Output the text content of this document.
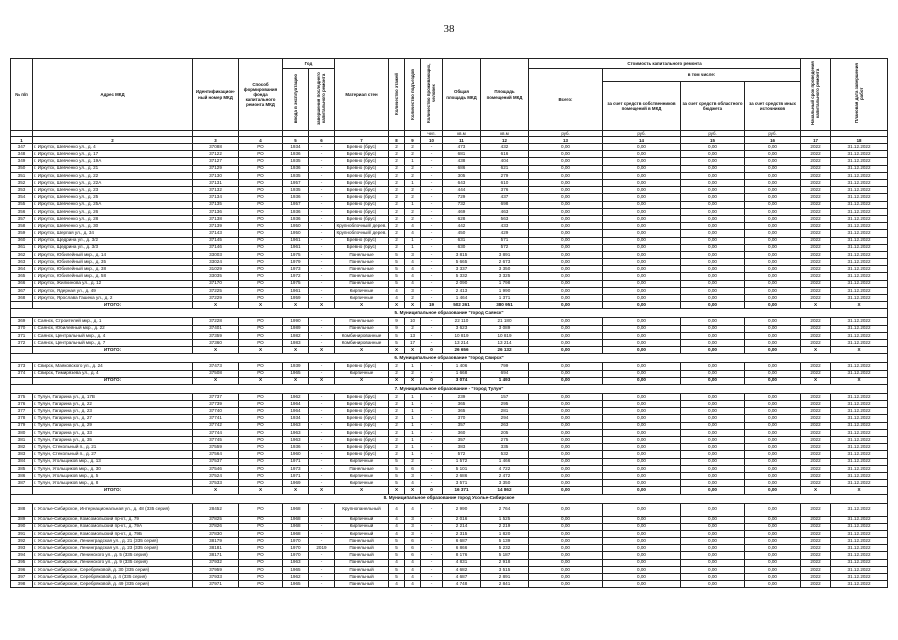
38
№ п/п	Адрес МКД	Идентификацион-ный номер МКД	Способ формирования фонда капитального ремонта МКД	Год		Материал стен	Количество этажей	Количество подъездов	Количество проживающих, человек	Общая площадь МКД	Площадь помещений МКД	Стоимость капитального ремонта				Начальный срок проведения капитального ремонта	Плановая дата завершения работ
				ввода в эксплуатацию	завершения последнего капитального ремонта							Всего:	в том числе:				
													за счет средств собственников помещений в МКД	за счет средств областного бюджета	за счет средств иных источников		
									чел.	кв.м	кв.м	руб.	руб.	руб.	руб.		
1	2	3	4	5	6	7	8	9	10	11	12	13	14	15	16	17	18
347	г. Иркутск, Шевченко ул., д. 4	37088	РО	1934	-	Бревно (брус)	2	2	-	473	432	0,00	0,00	0,00	0,00	2022	31.12.2022
348	г. Иркутск, Шевченко ул., д. 17	37122	РО	1936	-	Бревно (брус)	2	2	-	681	616	0,00	0,00	0,00	0,00	2022	31.12.2022
349	г. Иркутск, Шевченко ул., д. 19А	37127	РО	1935	-	Бревно (брус)	2	1	-	438	404	0,00	0,00	0,00	0,00	2022	31.12.2022
350	г. Иркутск, Шевченко ул., д. 21	37129	РО	1936	-	Бревно (брус)	2	2	-	686	621	0,00	0,00	0,00	0,00	2022	31.12.2022
351	г. Иркутск, Шевченко ул., д. 22	37130	РО	1935	-	Бревно (брус)	2	2	-	305	279	0,00	0,00	0,00	0,00	2022	31.12.2022
352	г. Иркутск, Шевченко ул., д. 22А	37131	РО	1957	-	Бревно (брус)	2	1	-	643	610	0,00	0,00	0,00	0,00	2022	31.12.2022
353	г. Иркутск, Шевченко ул., д. 23	37132	РО	1935	-	Бревно (брус)	2	2	-	444	376	0,00	0,00	0,00	0,00	2022	31.12.2022
354	г. Иркутск, Шевченко ул., д. 25	37134	РО	1936	-	Бревно (брус)	2	2	-	729	437	0,00	0,00	0,00	0,00	2022	31.12.2022
355	г. Иркутск, Шевченко ул., д. 25А	37135	РО	1957	-	Бревно (брус)	2	1	-	732	698	0,00	0,00	0,00	0,00	2022	31.12.2022
356	г. Иркутск, Шевченко ул., д. 26	37136	РО	1936	-	Бревно (брус)	2	2	-	469	463	0,00	0,00	0,00	0,00	2022	31.12.2022
357	г. Иркутск, Шевченко ул., д. 28	37138	РО	1936	-	Бревно (брус)	2	2	-	628	563	0,00	0,00	0,00	0,00	2022	31.12.2022
358	г. Иркутск, Шевченко ул., д. 30	37139	РО	1950	-	Крупноблочный/ дерев.	2	4	-	442	433	0,00	0,00	0,00	0,00	2022	31.12.2022
359	г. Иркутск, Шерпая ул., д. 34	37143	РО	1950	-	Крупноблочный/ дерев.	2	4	-	450	429	0,00	0,00	0,00	0,00	2022	31.12.2022
360	г. Иркутск, Щедрина ул., д. 3/2	37145	РО	1961	-	Бревно (брус)	2	1	-	631	571	0,00	0,00	0,00	0,00	2022	31.12.2022
361	г. Иркутск, Щедрина ул., д. 3/3	37146	РО	1961	-	Бревно (брус)	2	1	-	630	572	0,00	0,00	0,00	0,00	2022	31.12.2022
362	г. Иркутск, Юбилейный мкр., д. 14	33003	РО	1975	-	Панельные	5	3	-	3 815	3 891	0,00	0,00	0,00	0,00	2022	31.12.2022
363	г. Иркутск, Юбилейный мкр., д. 35	33024	РО	1979	-	Панельные	5	4	-	5 665	2 673	0,00	0,00	0,00	0,00	2022	31.12.2022
364	г. Иркутск, Юбилейный мкр., д. 38	31029	РО	1973	-	Панельные	5	4	-	3 337	3 350	0,00	0,00	0,00	0,00	2022	31.12.2022
365	г. Иркутск, Юбилейный мкр., д. 58	33035	РО	1972	-	Панельные	5	4	-	5 332	3 325	0,00	0,00	0,00	0,00	2022	31.12.2022
366	г. Иркутск, Жилкинова ул., д. 12	37170	РО	1975	-	Панельные	5	4	-	2 090	1 798	0,00	0,00	0,00	0,00	2022	31.12.2022
367	г. Иркутск, Ядерная ул., д. 49	37225	РО	1961	-	Кирпичные	4	3	-	2 413	1 990	0,00	0,00	0,00	0,00	2022	31.12.2022
368	г. Иркутск, Ярослава Гашека ул., д. 2	37229	РО	1959	-	Кирпичные	4	2	-	1 464	1 371	0,00	0,00	0,00	0,00	2022	31.12.2022
	ИТОГО:	X	X	X	X	X	X	X	19	502 261	380 951	0,00	0,00	0,00	0,00	X	X
5. Муниципальное образование "город Саянск"																	
369	г. Саянск, Строителей мкр., д. 1	37228	РО	1990	-	Панельные	9	10	-	22 110	21 180	0,00	0,00	0,00	0,00	2022	31.12.2022
370	г. Саянск, Юбилейный мкр., д. 22	37401	РО	1989	-	Панельные	9	2	-	3 623	3 089	0,00	0,00	0,00	0,00	2022	31.12.2022
371	г. Саянск, Центральный мкр., д. 4	37359	РО	1982	-	Комбинированные	5	13	-	10 819	10 819	0,00	0,00	0,00	0,00	2022	31.12.2022
372	г. Саянск, Центральный мкр., д. 7	37360	РО	1983	-	Комбинированные	5	17	-	13 214	13 214	0,00	0,00	0,00	0,00	2022	31.12.2022
	ИТОГО:	X	X	X	X	X	X	X	0	26 656	26 132	0,00	0,00	0,00	0,00	X	X
6. Муниципальное образование "город Свирск"																	
373	г. Свирск, Маяковского ул., д. 24	37473	РО	1939	-	Бревно (брус)	2	1	-	1 406	799	0,00	0,00	0,00	0,00	2022	31.12.2022
374	г. Свирск, Тимирязева ул., д. 4	37508	РО	1965	-	Кирпичные	2	2	-	1 668	694	0,00	0,00	0,00	0,00	2022	31.12.2022
	ИТОГО:	X	X	X	X	X	X	X	0	3 074	1 493	0,00	0,00	0,00	0,00	X	X
7. Муниципальное образование - "город Тулун"																	
375	г. Тулун, Гагарина ул., д. 17В	37737	РО	1962	-	Бревно (брус)	2	1	-	239	157	0,00	0,00	0,00	0,00	2022	31.12.2022
376	г. Тулун, Гагарина ул., д. 22	37739	РО	1964	-	Бревно (брус)	2	1	-	365	295	0,00	0,00	0,00	0,00	2022	31.12.2022
377	г. Тулун, Гагарина ул., д. 23	37740	РО	1964	-	Бревно (брус)	2	1	-	365	281	0,00	0,00	0,00	0,00	2022	31.12.2022
378	г. Тулун, Гагарина ул., д. 27	37741	РО	1934	-	Бревно (брус)	2	1	-	370	294	0,00	0,00	0,00	0,00	2022	31.12.2022
379	г. Тулун, Гагарина ул., д. 29	37742	РО	1963	-	Бревно (брус)	2	1	-	357	263	0,00	0,00	0,00	0,00	2022	31.12.2022
380	г. Тулун, Гагарина ул., д. 33	37744	РО	1963	-	Бревно (брус)	2	1	-	360	205	0,00	0,00	0,00	0,00	2022	31.12.2022
381	г. Тулун, Гагарина ул., д. 35	37745	РО	1963	-	Бревно (брус)	2	1	-	357	275	0,00	0,00	0,00	0,00	2022	31.12.2022
382	г. Тулун, Стекольный п., д. 21	37559	РО	1936	-	Бревно (брус)	2	1	-	383	335	0,00	0,00	0,00	0,00	2022	31.12.2022
383	г. Тулун, Стекольный п., д. 27	37564	РО	1960	-	Бревно (брус)	2	1	-	572	532	0,00	0,00	0,00	0,00	2022	31.12.2022
384	г. Тулун, Угольщиков мкр., д. 13	37537	РО	1971	-	Кирпичные	5	2	-	1 572	1 466	0,00	0,00	0,00	0,00	2022	31.12.2022
385	г. Тулун, Угольщиков мкр., д. 30	37546	РО	1973	-	Панельные	5	6	-	5 101	4 722	0,00	0,00	0,00	0,00	2022	31.12.2022
386	г. Тулун, Угольщиков мкр., д. 5	37524	РО	1971	-	Кирпичные	5	3	-	2 686	2 472	0,00	0,00	0,00	0,00	2022	31.12.2022
387	г. Тулун, Угольщиков мкр., д. 8	37533	РО	1969	-	Кирпичные	5	4	-	3 571	3 350	0,00	0,00	0,00	0,00	2022	31.12.2022
	ИТОГО:	X	X	X	X	X	X	X	0	16 371	14 862	0,00	0,00	0,00	0,00	X	X
8. Муниципальное образование город Усолье-Сибирское																	
388	г. Усолье-Сибирское, Интернациональная ул., д. 48 (335 серия)	28452	РО	1968	-	Крупнопанельный	4	4	-	2 990	2 764	0,00	0,00	0,00	0,00	2022	31.12.2022
389	г. Усолье-Сибирское, Комсомольский пр-кт., д. 79	37825	РО	1968	-	Кирпичный	4	3	-	2 016	1 525	0,00	0,00	0,00	0,00	2022	31.12.2022
390	г. Усолье-Сибирское, Комсомольский пр-кт., д. 79А	37826	РО	1968	-	Кирпичный	4	3	-	2 214	2 219	0,00	0,00	0,00	0,00	2022	31.12.2022
391	г. Усолье-Сибирское, Комсомольский пр-кт., д. 79Б	37830	РО	1968	-	Кирпичный	4	3	-	2 315	1 820	0,00	0,00	0,00	0,00	2022	31.12.2022
392	г. Усолье-Сибирское, Ленинградская ул., д. 21 (335 серия)	38179	РО	1970	-	Панельный	5	6	-	6 687	5 139	0,00	0,00	0,00	0,00	2022	31.12.2022
393	г. Усолье-Сибирское, Ленинградская ул., д. 23 (335 серия)	38181	РО	1970	2019	Панельный	5	6	-	6 866	5 232	0,00	0,00	0,00	0,00	2022	31.12.2022
394	г. Усолье-Сибирское, Ленинского ул., д. 5 (335 серия)	38171	РО	1970	-	Панельный	5	6	-	8 176	5 187	0,00	0,00	0,00	0,00	2022	31.12.2022
395	г. Усолье-Сибирское, Ленинского ул., д. 9 (335 серия)	37932	РО	1963	-	Панельный	4	4	-	4 831	2 918	0,00	0,00	0,00	0,00	2022	31.12.2022
396	г. Усолье-Сибирское, Серебряковой, д. 30 (335 серия)	37959	РО	1965	-	Панельный	5	4	-	4 682	3 515	0,00	0,00	0,00	0,00	2022	31.12.2022
397	г. Усолье-Сибирское, Серебряковой, д. 4 (335 серия)	37933	РО	1962	-	Панельный	5	4	-	4 687	2 891	0,00	0,00	0,00	0,00	2022	31.12.2022
398	г. Усолье-Сибирское, Серебряковой, д. 49 (335 серия)	37971	РО	1965	-	Панельный	4	4	-	4 748	2 841	0,00	0,00	0,00	0,00	2022	31.12.2022
